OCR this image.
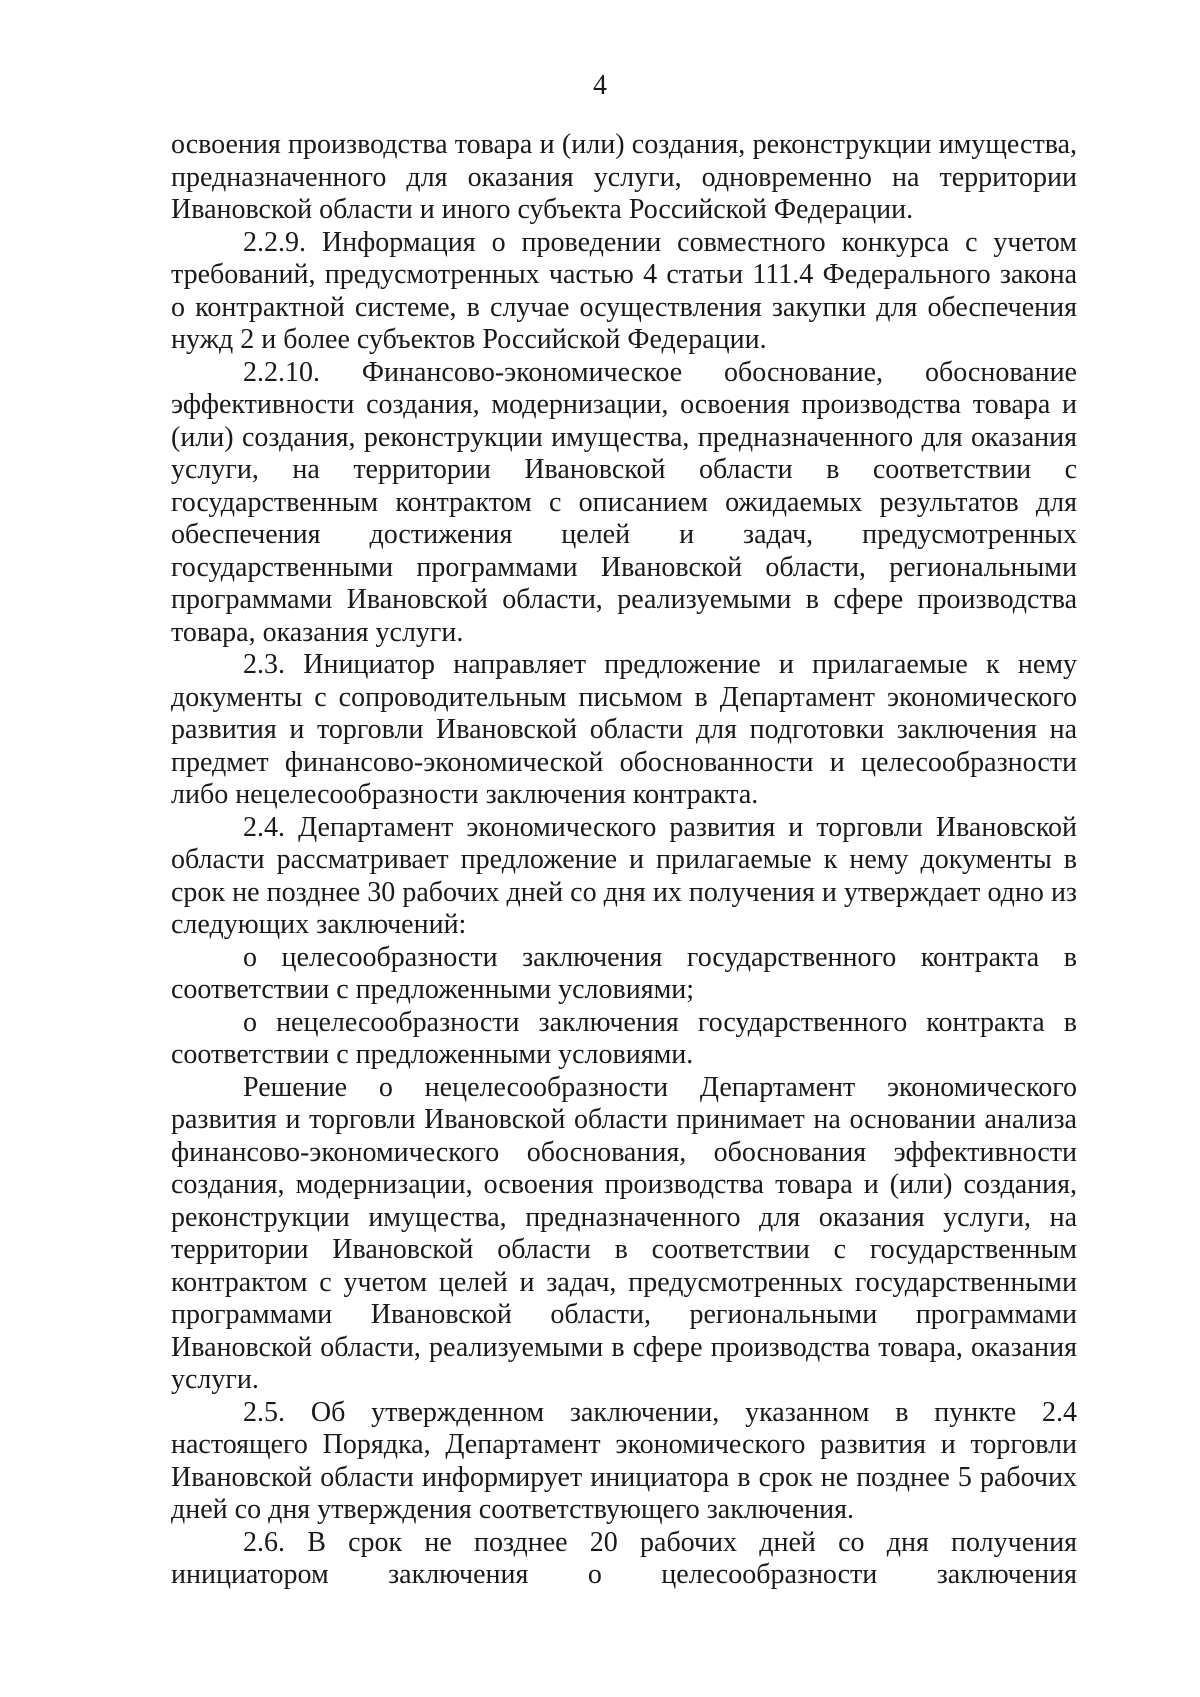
4

освоения производства товара и (или) создания, реконструкции имущества, предназначенного для оказания услуги, одновременно на территории Ивановской области и иного субъекта Российской Федерации.

2.2.9. Информация о проведении совместного конкурса с учетом требований, предусмотренных частью 4 статьи 111.4 Федерального закона о контрактной системе, в случае осуществления закупки для обеспечения нужд 2 и более субъектов Российской Федерации.

2.2.10. Финансово-экономическое обоснование, обоснование эффективности создания, модернизации, освоения производства товара и (или) создания, реконструкции имущества, предназначенного для оказания услуги, на территории Ивановской области в соответствии с государственным контрактом с описанием ожидаемых результатов для обеспечения достижения целей и задач, предусмотренных государственными программами Ивановской области, региональными программами Ивановской области, реализуемыми в сфере производства товара, оказания услуги.

2.3. Инициатор направляет предложение и прилагаемые к нему документы с сопроводительным письмом в Департамент экономического развития и торговли Ивановской области для подготовки заключения на предмет финансово-экономической обоснованности и целесообразности либо нецелесообразности заключения контракта.

2.4. Департамент экономического развития и торговли Ивановской области рассматривает предложение и прилагаемые к нему документы в срок не позднее 30 рабочих дней со дня их получения и утверждает одно из следующих заключений:

о целесообразности заключения государственного контракта в соответствии с предложенными условиями;

о нецелесообразности заключения государственного контракта в соответствии с предложенными условиями.

Решение о нецелесообразности Департамент экономического развития и торговли Ивановской области принимает на основании анализа финансово-экономического обоснования, обоснования эффективности создания, модернизации, освоения производства товара и (или) создания, реконструкции имущества, предназначенного для оказания услуги, на территории Ивановской области в соответствии с государственным контрактом с учетом целей и задач, предусмотренных государственными программами Ивановской области, региональными программами Ивановской области, реализуемыми в сфере производства товара, оказания услуги.

2.5. Об утвержденном заключении, указанном в пункте 2.4 настоящего Порядка, Департамент экономического развития и торговли Ивановской области информирует инициатора в срок не позднее 5 рабочих дней со дня утверждения соответствующего заключения.

2.6. В срок не позднее 20 рабочих дней со дня получения инициатором заключения о целесообразности заключения
